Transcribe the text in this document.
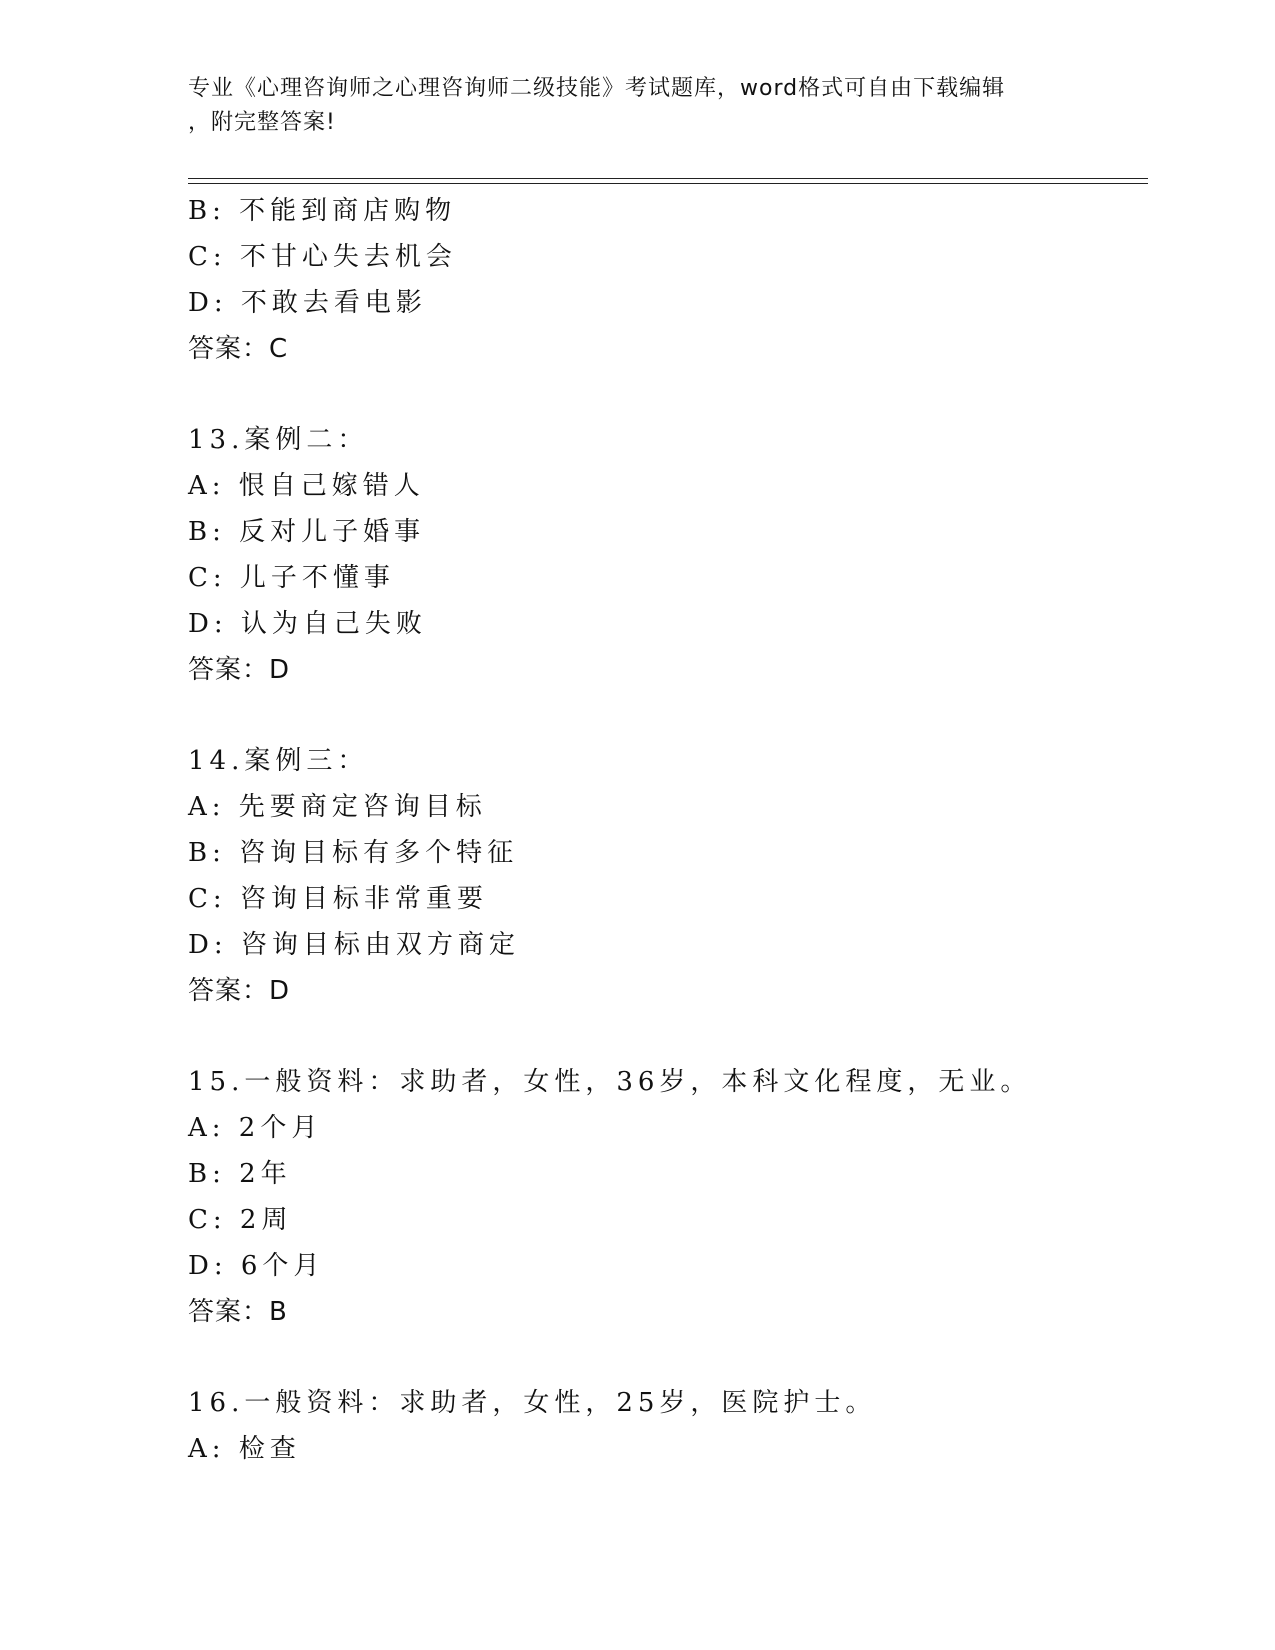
专业《心理咨询师之心理咨询师二级技能》考试题库，word格式可自由下载编辑
，附完整答案!
B: 不能到商店购物
C: 不甘心失去机会
D: 不敢去看电影
答案：C
13.案例二：
A: 恨自己嫁错人
B: 反对儿子婚事
C: 儿子不懂事
D: 认为自己失败
答案：D
14.案例三：
A: 先要商定咨询目标
B: 咨询目标有多个特征
C: 咨询目标非常重要
D: 咨询目标由双方商定
答案：D
15.一般资料：求助者，女性，36岁，本科文化程度，无业。
A: 2个月
B: 2年
C: 2周
D: 6个月
答案：B
16.一般资料：求助者，女性，25岁，医院护士。
A: 检查
